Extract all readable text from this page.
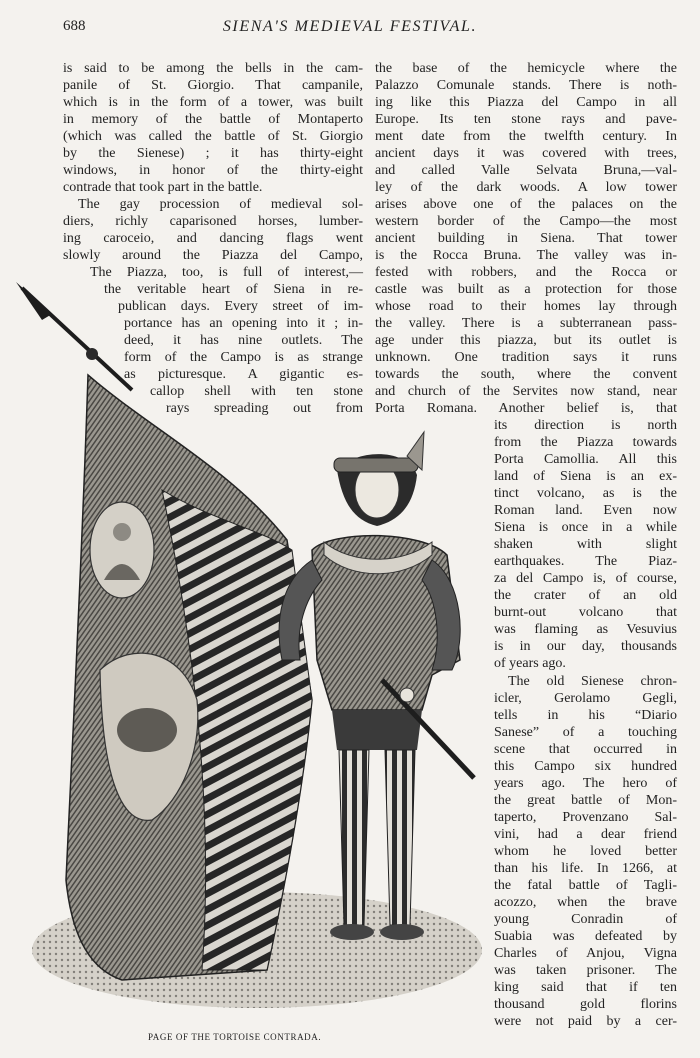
688	SIENA'S MEDIEVAL FESTIVAL.
is said to be among the bells in the cam-
panile of St. Giorgio. That campanile,
which is in the form of a tower, was built
in memory of the battle of Montaperto
(which was called the battle of St. Giorgio
by the Sienese) ; it has thirty-eight
windows, in honor of the thirty-eight
contrade that took part in the battle.
The gay procession of medieval sol-
diers, richly caparisoned horses, lumber-
ing caroceio, and dancing flags went
slowly around the Piazza del Campo,
The Piazza, too, is full of interest,—
the veritable heart of Siena in re-
publican days. Every street of im-
portance has an opening into it ; in-
deed, it has nine outlets. The
form of the Campo is as strange
as picturesque. A gigantic es-
callop shell with ten stone
rays spreading out from
the base of the hemicycle where the
Palazzo Comunale stands. There is noth-
ing like this Piazza del Campo in all
Europe. Its ten stone rays and pave-
ment date from the twelfth century. In
ancient days it was covered with trees,
and called Valle Selvata Bruna,—val-
ley of the dark woods. A low tower
arises above one of the palaces on the
western border of the Campo—the most
ancient building in Siena. That tower
is the Rocca Bruna. The valley was in-
fested with robbers, and the Rocca or
castle was built as a protection for those
whose road to their homes lay through
the valley. There is a subterranean pass-
age under this piazza, but its outlet is
unknown. One tradition says it runs
towards the south, where the convent
and church of the Servites now stand, near
Porta Romana. Another belief is, that
its direction is north
from the Piazza towards
Porta Camollia. All this
land of Siena is an ex-
tinct volcano, as is the
Roman land. Even now
Siena is once in a while
shaken with slight
earthquakes. The Piaz-
za del Campo is, of course,
the crater of an old
burnt-out volcano that
was flaming as Vesuvius
is in our day, thousands
of years ago.
The old Sienese chron-
icler, Gerolamo Gegli,
tells in his “Diario
Sanese” of a touching
scene that occurred in
this Campo six hundred
years ago. The hero of
the great battle of Mon-
taperto, Provenzano Sal-
vini, had a dear friend
whom he loved better
than his life. In 1266, at
the fatal battle of Tagli-
acozzo, when the brave
young Conradin of
Suabia was defeated by
Charles of Anjou, Vigna
was taken prisoner. The
king said that if ten
thousand gold florins
were not paid by a cer-
PAGE OF THE TORTOISE CONTRADA.
